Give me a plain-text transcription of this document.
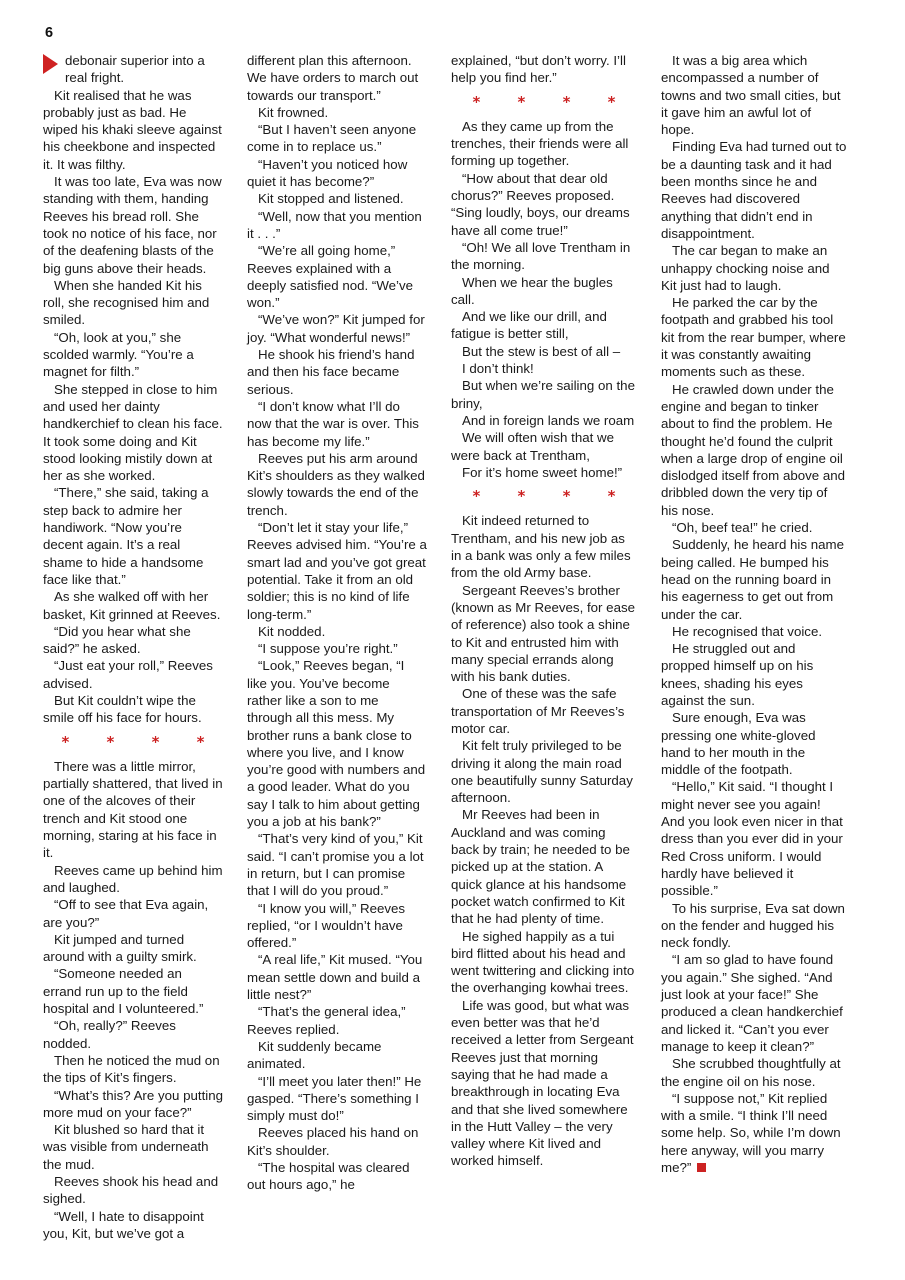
6

debonair superior into a real fright.

Kit realised that he was probably just as bad. He wiped his khaki sleeve against his cheekbone and inspected it. It was filthy.

It was too late, Eva was now standing with them, handing Reeves his bread roll. She took no notice of his face, nor of the deafening blasts of the big guns above their heads.

When she handed Kit his roll, she recognised him and smiled.

“Oh, look at you,” she scolded warmly. “You’re a magnet for filth.”

She stepped in close to him and used her dainty handkerchief to clean his face. It took some doing and Kit stood looking mistily down at her as she worked.

“There,” she said, taking a step back to admire her handiwork. “Now you’re decent again. It’s a real shame to hide a handsome face like that.”

As she walked off with her basket, Kit grinned at Reeves.

“Did you hear what she said?” he asked.

“Just eat your roll,” Reeves advised.

But Kit couldn’t wipe the smile off his face for hours.

* * * *

There was a little mirror, partially shattered, that lived in one of the alcoves of their trench and Kit stood one morning, staring at his face in it.

Reeves came up behind him and laughed.

“Off to see that Eva again, are you?”

Kit jumped and turned around with a guilty smirk.

“Someone needed an errand run up to the field hospital and I volunteered.”

“Oh, really?” Reeves nodded.

Then he noticed the mud on the tips of Kit’s fingers.

“What’s this? Are you putting more mud on your face?”

Kit blushed so hard that it was visible from underneath the mud.

Reeves shook his head and sighed.

“Well, I hate to disappoint you, Kit, but we’ve got a

different plan this afternoon. We have orders to march out towards our transport.”

Kit frowned.

“But I haven’t seen anyone come in to replace us.”

“Haven’t you noticed how quiet it has become?”

Kit stopped and listened.

“Well, now that you mention it . . .”

“We’re all going home,” Reeves explained with a deeply satisfied nod. “We’ve won.”

“We’ve won?” Kit jumped for joy. “What wonderful news!”

He shook his friend’s hand and then his face became serious.

“I don’t know what I’ll do now that the war is over. This has become my life.”

Reeves put his arm around Kit’s shoulders as they walked slowly towards the end of the trench.

“Don’t let it stay your life,” Reeves advised him. “You’re a smart lad and you’ve got great potential. Take it from an old soldier; this is no kind of life long-term.”

Kit nodded.

“I suppose you’re right.”

“Look,” Reeves began, “I like you. You’ve become rather like a son to me through all this mess. My brother runs a bank close to where you live, and I know you’re good with numbers and a good leader. What do you say I talk to him about getting you a job at his bank?”

“That’s very kind of you,” Kit said. “I can’t promise you a lot in return, but I can promise that I will do you proud.”

“I know you will,” Reeves replied, “or I wouldn’t have offered.”

“A real life,” Kit mused. “You mean settle down and build a little nest?”

“That’s the general idea,” Reeves replied.

Kit suddenly became animated.

“I’ll meet you later then!” He gasped. “There’s something I simply must do!”

Reeves placed his hand on Kit’s shoulder.

“The hospital was cleared out hours ago,” he

explained, “but don’t worry. I’ll help you find her.”

* * * *

As they came up from the trenches, their friends were all forming up together.

“How about that dear old chorus?” Reeves proposed. “Sing loudly, boys, our dreams have all come true!”

“Oh! We all love Trentham in the morning.

When we hear the bugles call.

And we like our drill, and fatigue is better still,

But the stew is best of all –

I don’t think!

But when we’re sailing on the briny,

And in foreign lands we roam

We will often wish that we were back at Trentham,

For it’s home sweet home!”

* * * *

Kit indeed returned to Trentham, and his new job as in a bank was only a few miles from the old Army base.

Sergeant Reeves’s brother (known as Mr Reeves, for ease of reference) also took a shine to Kit and entrusted him with many special errands along with his bank duties.

One of these was the safe transportation of Mr Reeves’s motor car.

Kit felt truly privileged to be driving it along the main road one beautifully sunny Saturday afternoon.

Mr Reeves had been in Auckland and was coming back by train; he needed to be picked up at the station. A quick glance at his handsome pocket watch confirmed to Kit that he had plenty of time.

He sighed happily as a tui bird flitted about his head and went twittering and clicking into the overhanging kowhai trees.

Life was good, but what was even better was that he’d received a letter from Sergeant Reeves just that morning saying that he had made a breakthrough in locating Eva and that she lived somewhere in the Hutt Valley – the very valley where Kit lived and worked himself.

It was a big area which encompassed a number of towns and two small cities, but it gave him an awful lot of hope.

Finding Eva had turned out to be a daunting task and it had been months since he and Reeves had discovered anything that didn’t end in disappointment.

The car began to make an unhappy chocking noise and Kit just had to laugh.

He parked the car by the footpath and grabbed his tool kit from the rear bumper, where it was constantly awaiting moments such as these.

He crawled down under the engine and began to tinker about to find the problem. He thought he’d found the culprit when a large drop of engine oil dislodged itself from above and dribbled down the very tip of his nose.

“Oh, beef tea!” he cried.

Suddenly, he heard his name being called. He bumped his head on the running board in his eagerness to get out from under the car.

He recognised that voice.

He struggled out and propped himself up on his knees, shading his eyes against the sun.

Sure enough, Eva was pressing one white-gloved hand to her mouth in the middle of the footpath.

“Hello,” Kit said. “I thought I might never see you again! And you look even nicer in that dress than you ever did in your Red Cross uniform. I would hardly have believed it possible.”

To his surprise, Eva sat down on the fender and hugged his neck fondly.

“I am so glad to have found you again.” She sighed. “And just look at your face!” She produced a clean handkerchief and licked it. “Can’t you ever manage to keep it clean?”

She scrubbed thoughtfully at the engine oil on his nose.

“I suppose not,” Kit replied with a smile. “I think I’ll need some help. So, while I’m down here anyway, will you marry me?”
